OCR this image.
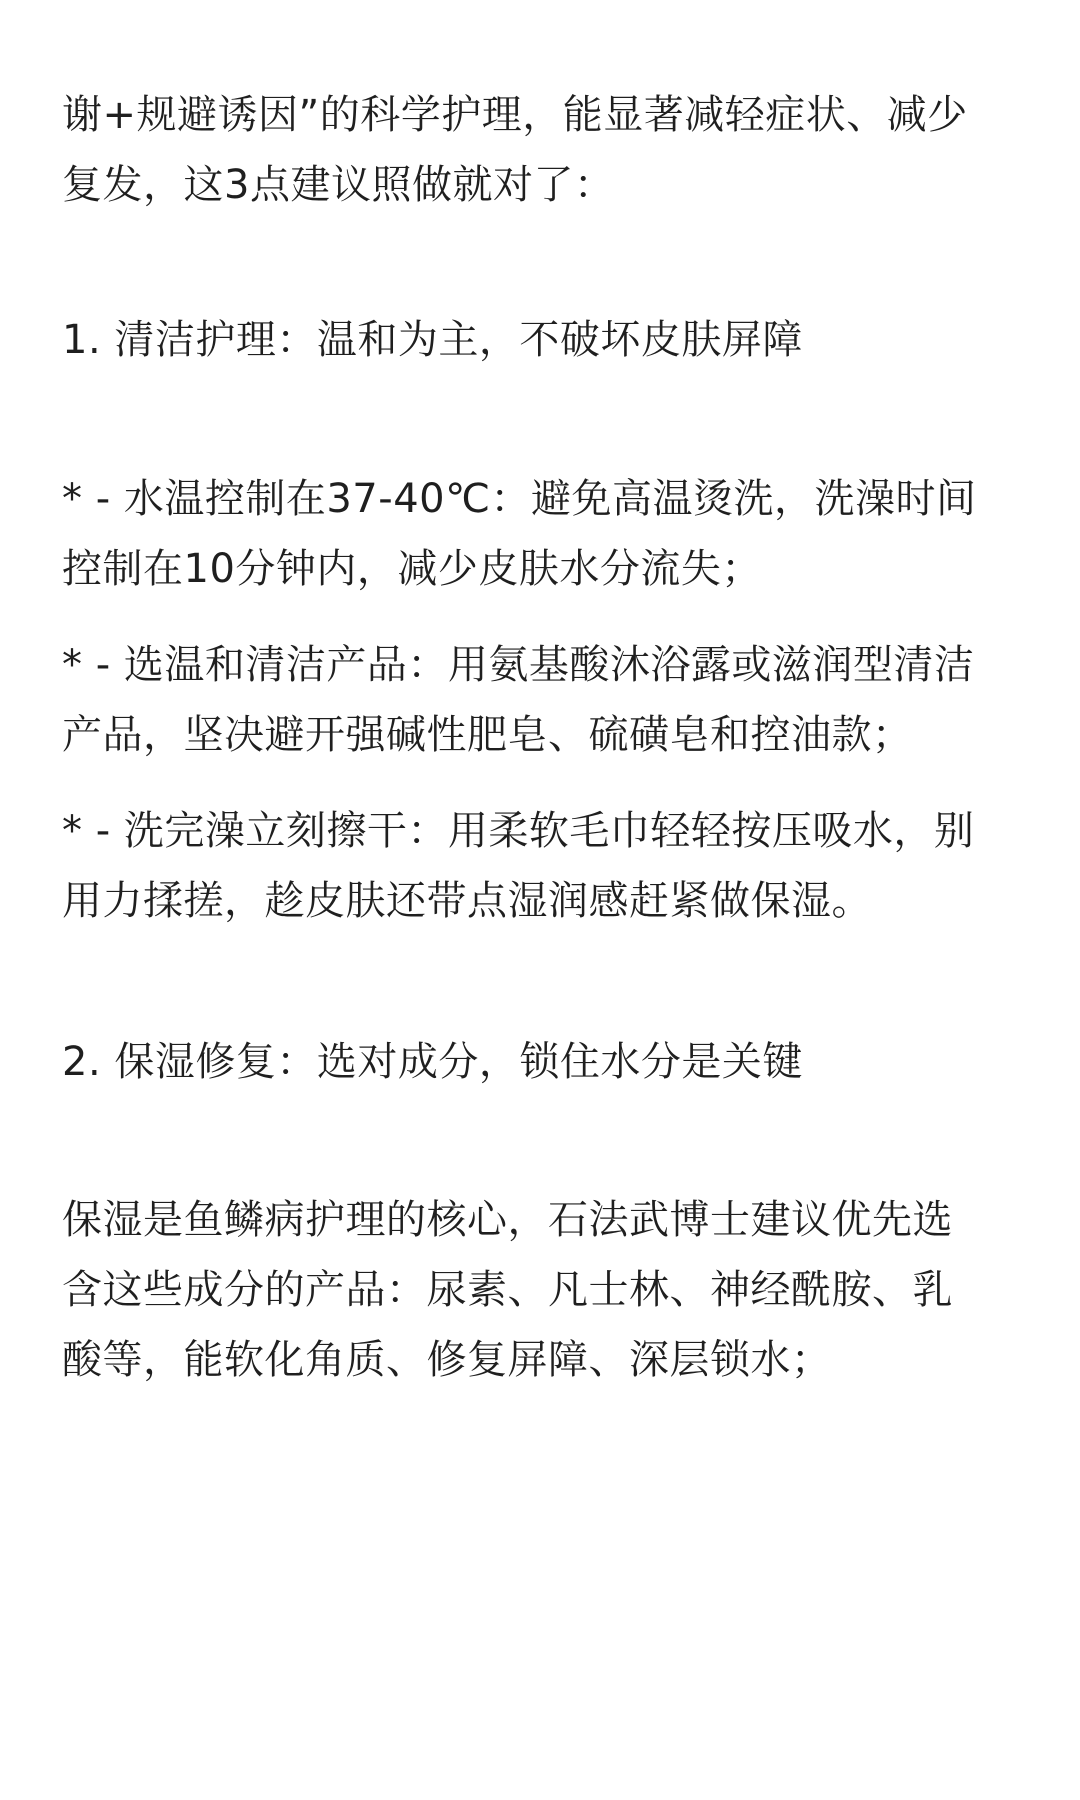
谢+规避诱因”的科学护理，能显著减轻症状、减少
复发，这3点建议照做就对了：
1. 清洁护理：温和为主，不破坏皮肤屏障
* - 水温控制在37-40℃：避免高温烫洗，洗澡时间
控制在10分钟内，减少皮肤水分流失；
* - 选温和清洁产品：用氨基酸沐浴露或滋润型清洁
产品，坚决避开强碱性肥皂、硫磺皂和控油款；
* - 洗完澡立刻擦干：用柔软毛巾轻轻按压吸水，别
用力揉搓，趁皮肤还带点湿润感赶紧做保湿。
2. 保湿修复：选对成分，锁住水分是关键
保湿是鱼鳞病护理的核心，石法武博士建议优先选
含这些成分的产品：尿素、凡士林、神经酰胺、乳
酸等，能软化角质、修复屏障、深层锁水；
